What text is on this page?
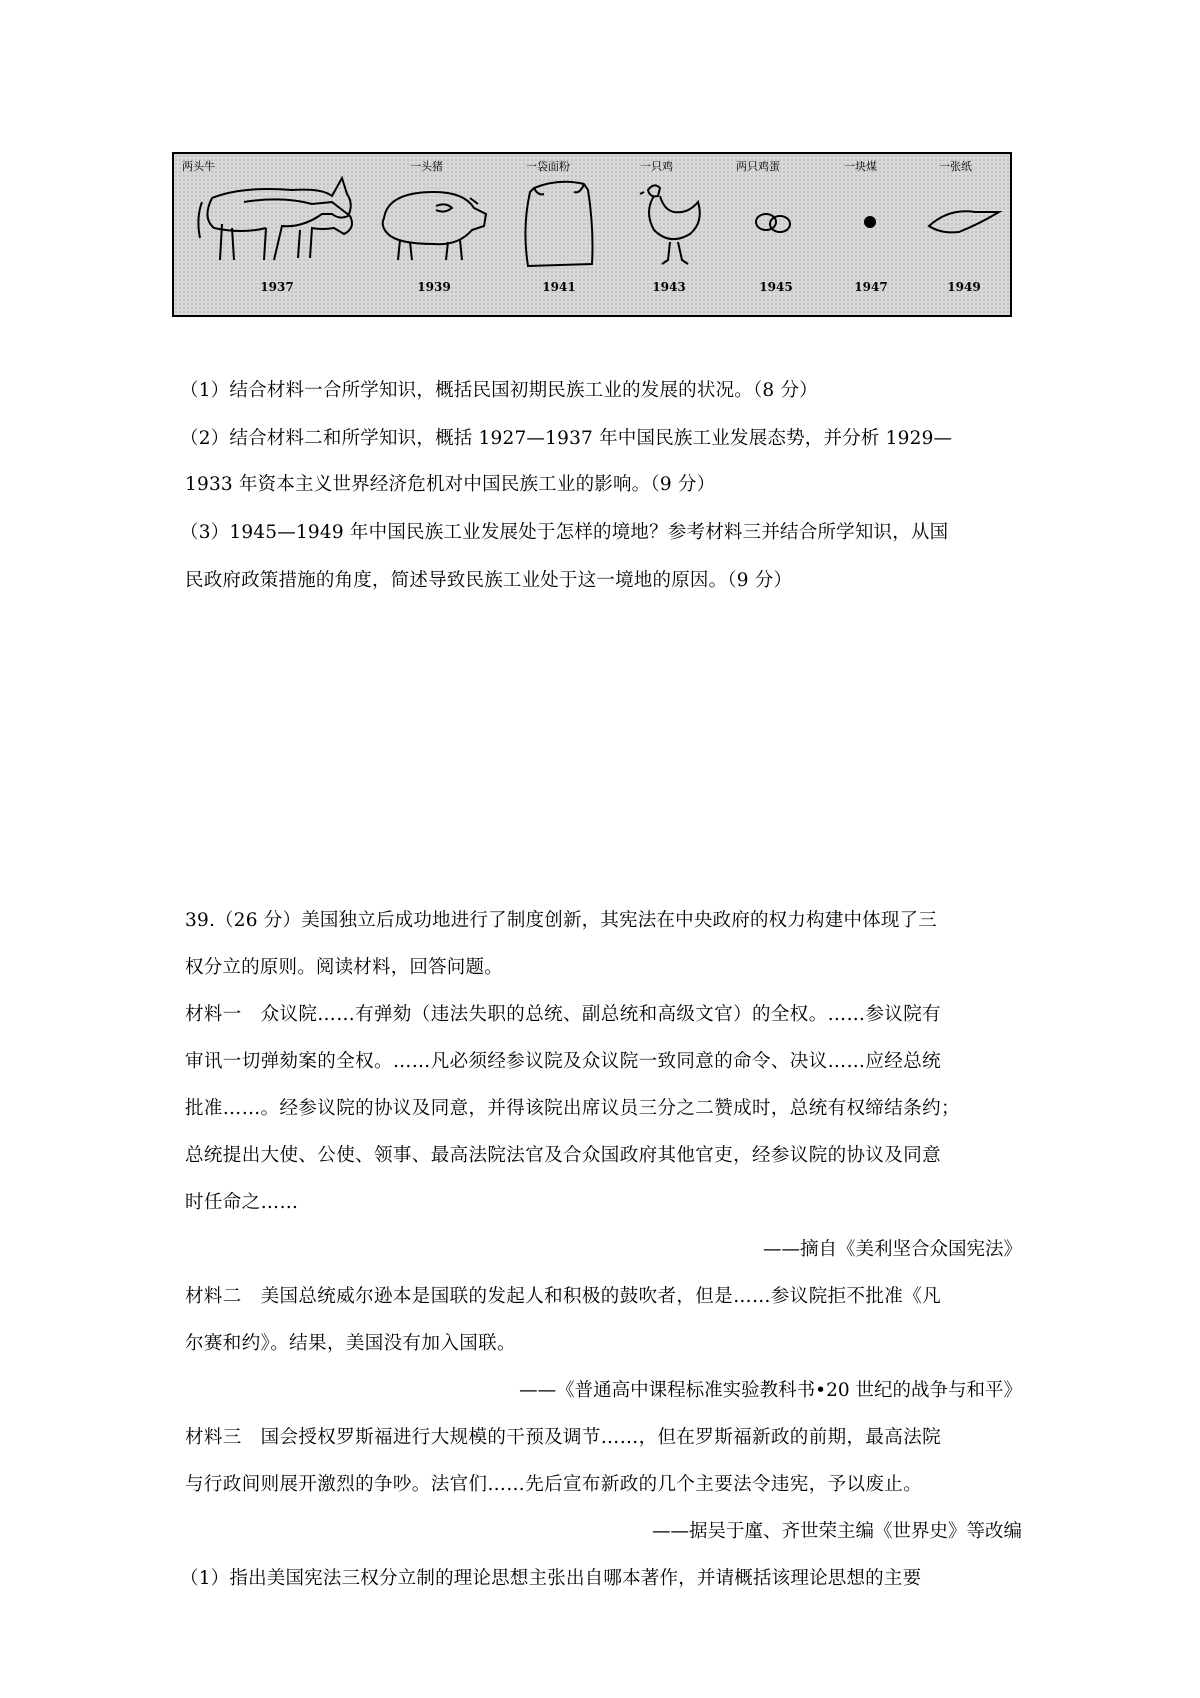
两头牛
1937
一头猪
1939
一袋面粉
1941
一只鸡
1943
两只鸡蛋
1945
一块煤
1947
一张纸
1949
（1）结合材料一合所学知识，概括民国初期民族工业的发展的状况。（8 分）
（2）结合材料二和所学知识，概括 1927—1937 年中国民族工业发展态势，并分析 1929—
1933 年资本主义世界经济危机对中国民族工业的影响。（9 分）
（3）1945—1949 年中国民族工业发展处于怎样的境地？参考材料三并结合所学知识，从国
民政府政策措施的角度，简述导致民族工业处于这一境地的原因。（9 分）
39.（26 分）美国独立后成功地进行了制度创新，其宪法在中央政府的权力构建中体现了三
权分立的原则。阅读材料，回答问题。
材料一　众议院……有弹劾（违法失职的总统、副总统和高级文官）的全权。……参议院有
审讯一切弹劾案的全权。……凡必须经参议院及众议院一致同意的命令、决议……应经总统
批准……。经参议院的协议及同意，并得该院出席议员三分之二赞成时，总统有权缔结条约；
总统提出大使、公使、领事、最高法院法官及合众国政府其他官吏，经参议院的协议及同意
时任命之……
——摘自《美利坚合众国宪法》
材料二　美国总统威尔逊本是国联的发起人和积极的鼓吹者，但是……参议院拒不批准《凡
尔赛和约》。结果，美国没有加入国联。
——《普通高中课程标准实验教科书•20 世纪的战争与和平》
材料三　国会授权罗斯福进行大规模的干预及调节……，但在罗斯福新政的前期，最高法院
与行政间则展开激烈的争吵。法官们……先后宣布新政的几个主要法令违宪，予以废止。
——据吴于廑、齐世荣主编《世界史》等改编
（1）指出美国宪法三权分立制的理论思想主张出自哪本著作，并请概括该理论思想的主要
